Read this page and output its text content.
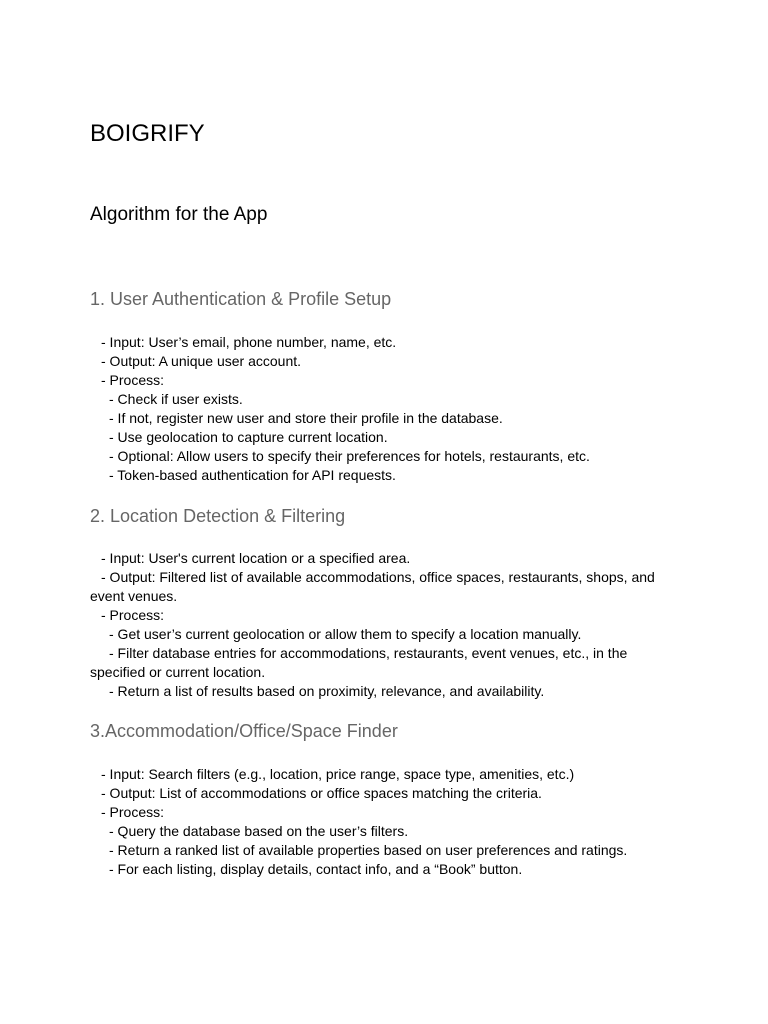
BOIGRIFY
Algorithm for the App
1. User Authentication & Profile Setup
- Input: User’s email, phone number, name, etc.
- Output: A unique user account.
- Process:
- Check if user exists.
- If not, register new user and store their profile in the database.
- Use geolocation to capture current location.
- Optional: Allow users to specify their preferences for hotels, restaurants, etc.
- Token-based authentication for API requests.
2. Location Detection & Filtering
- Input: User's current location or a specified area.
- Output: Filtered list of available accommodations, office spaces, restaurants, shops, and
event venues.
- Process:
- Get user’s current geolocation or allow them to specify a location manually.
- Filter database entries for accommodations, restaurants, event venues, etc., in the
specified or current location.
- Return a list of results based on proximity, relevance, and availability.
3.Accommodation/Office/Space Finder
- Input: Search filters (e.g., location, price range, space type, amenities, etc.)
- Output: List of accommodations or office spaces matching the criteria.
- Process:
- Query the database based on the user’s filters.
- Return a ranked list of available properties based on user preferences and ratings.
- For each listing, display details, contact info, and a “Book” button.
